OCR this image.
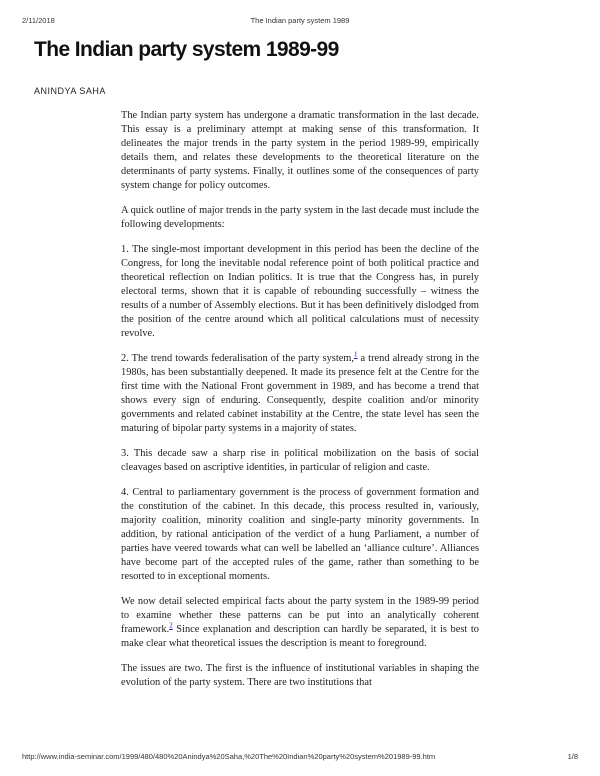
2/11/2018	The Indian party system 1989
The Indian party system 1989-99
ANINDYA SAHA

The Indian party system has undergone a dramatic transformation in the last decade. This essay is a preliminary attempt at making sense of this transformation. It delineates the major trends in the party system in the period 1989-99, empirically details them, and relates these developments to the theoretical literature on the determinants of party systems. Finally, it outlines some of the consequences of party system change for policy outcomes.

A quick outline of major trends in the party system in the last decade must include the following developments:

1. The single-most important development in this period has been the decline of the Congress, for long the inevitable nodal reference point of both political practice and theoretical reflection on Indian politics. It is true that the Congress has, in purely electoral terms, shown that it is capable of rebounding successfully – witness the results of a number of Assembly elections. But it has been definitively dislodged from the position of the centre around which all political calculations must of necessity revolve.

2. The trend towards federalisation of the party system,$^1$ a trend already strong in the 1980s, has been substantially deepened. It made its presence felt at the Centre for the first time with the National Front government in 1989, and has become a trend that shows every sign of enduring. Consequently, despite coalition and/or minority governments and related cabinet instability at the Centre, the state level has seen the maturing of bipolar party systems in a majority of states.

3. This decade saw a sharp rise in political mobilization on the basis of social cleavages based on ascriptive identities, in particular of religion and caste.

4. Central to parliamentary government is the process of government formation and the constitution of the cabinet. In this decade, this process resulted in, variously, majority coalition, minority coalition and single-party minority governments. In addition, by rational anticipation of the verdict of a hung Parliament, a number of parties have veered towards what can well be labelled an ‘alliance culture’. Alliances have become part of the accepted rules of the game, rather than something to be resorted to in exceptional moments.

We now detail selected empirical facts about the party system in the 1989-99 period to examine whether these patterns can be put into an analytically coherent framework.$^2$ Since explanation and description can hardly be separated, it is best to make clear what theoretical issues the description is meant to foreground.

The issues are two. The first is the influence of institutional variables in shaping the evolution of the party system. There are two institutions that

http://www.india-seminar.com/1999/480/480%20Anindya%20Saha,%20The%20Indian%20party%20system%201989-99.htm	1/8
